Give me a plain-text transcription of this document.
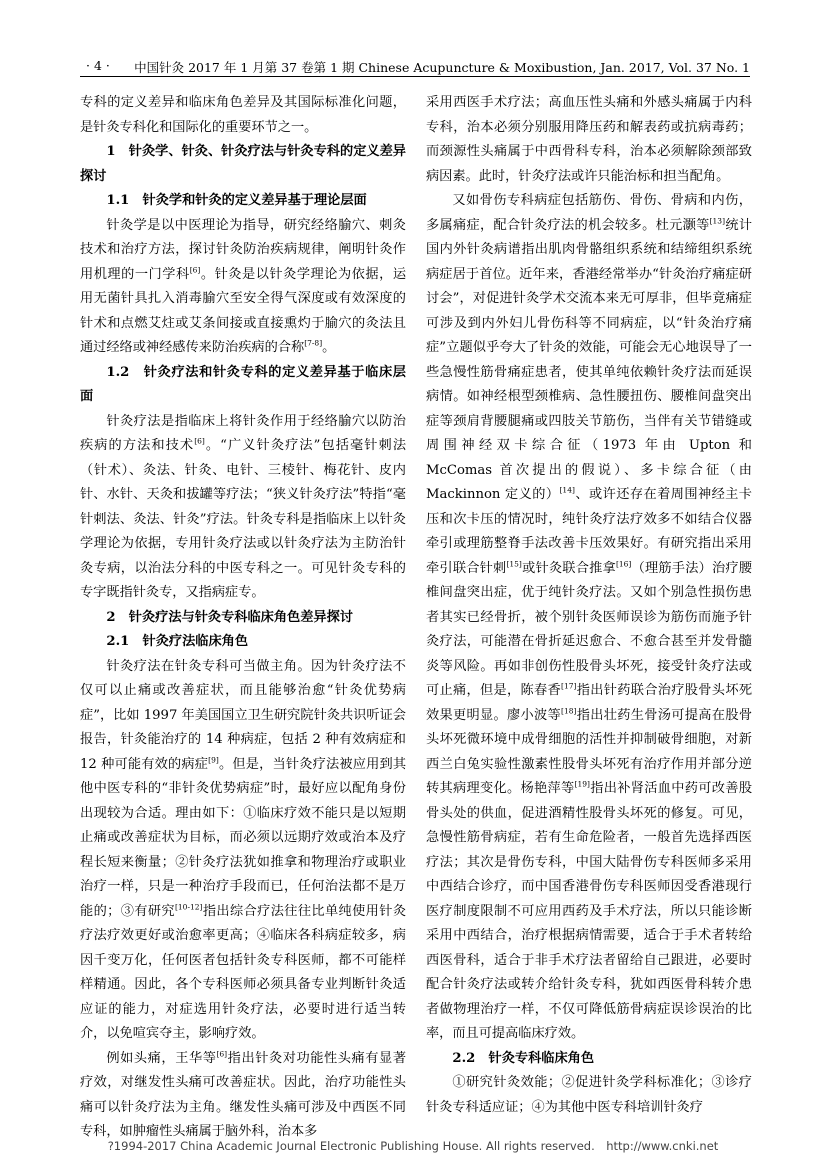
· 4 · 中国针灸 2017 年 1 月第 37 卷第 1 期 Chinese Acupuncture & Moxibustion, Jan. 2017, Vol. 37 No. 1

专科的定义差异和临床角色差异及其国际标准化问题，是针灸专科化和国际化的重要环节之一。

1　针灸学、针灸、针灸疗法与针灸专科的定义差异探讨

1.1　针灸学和针灸的定义差异基于理论层面

针灸学是以中医理论为指导，研究经络腧穴、刺灸技术和治疗方法，探讨针灸防治疾病规律，阐明针灸作用机理的一门学科[6]。针灸是以针灸学理论为依据，运用无菌针具扎入消毒腧穴至安全得气深度或有效深度的针术和点燃艾炷或艾条间接或直接熏灼于腧穴的灸法且通过经络或神经感传来防治疾病的合称[7-8]。

1.2　针灸疗法和针灸专科的定义差异基于临床层面

针灸疗法是指临床上将针灸作用于经络腧穴以防治疾病的方法和技术[6]。“广义针灸疗法”包括毫针刺法（针术）、灸法、针灸、电针、三棱针、梅花针、皮内针、水针、天灸和拔罐等疗法；“狭义针灸疗法”特指“毫针刺法、灸法、针灸”疗法。针灸专科是指临床上以针灸学理论为依据，专用针灸疗法或以针灸疗法为主防治针灸专病，以治法分科的中医专科之一。可见针灸专科的专字既指针灸专，又指病症专。

2　针灸疗法与针灸专科临床角色差异探讨

2.1　针灸疗法临床角色

针灸疗法在针灸专科可当做主角。因为针灸疗法不仅可以止痛或改善症状，而且能够治愈“针灸优势病症”，比如 1997 年美国国立卫生研究院针灸共识听证会报告，针灸能治疗的 14 种病症，包括 2 种有效病症和 12 种可能有效的病症[9]。但是，当针灸疗法被应用到其他中医专科的“非针灸优势病症”时，最好应以配角身份出现较为合适。理由如下：①临床疗效不能只是以短期止痛或改善症状为目标，而必须以远期疗效或治本及疗程长短来衡量；②针灸疗法犹如推拿和物理治疗或职业治疗一样，只是一种治疗手段而已，任何治法都不是万能的；③有研究[10-12]指出综合疗法往往比单纯使用针灸疗法疗效更好或治愈率更高；④临床各科病症较多，病因千变万化，任何医者包括针灸专科医师，都不可能样样精通。因此，各个专科医师必须具备专业判断针灸适应证的能力，对症选用针灸疗法，必要时进行适当转介，以免喧宾夺主，影响疗效。

例如头痛，王华等[6]指出针灸对功能性头痛有显著疗效，对继发性头痛可改善症状。因此，治疗功能性头痛可以针灸疗法为主角。继发性头痛可涉及中西医不同专科，如肿瘤性头痛属于脑外科，治本多

采用西医手术疗法；高血压性头痛和外感头痛属于内科专科，治本必须分别服用降压药和解表药或抗病毒药；而颈源性头痛属于中西骨科专科，治本必须解除颈部致病因素。此时，针灸疗法或许只能治标和担当配角。

又如骨伤专科病症包括筋伤、骨伤、骨病和内伤，多属痛症，配合针灸疗法的机会较多。杜元灏等[13]统计国内外针灸病谱指出肌肉骨骼组织系统和结缔组织系统病症居于首位。近年来，香港经常举办“针灸治疗痛症研讨会”，对促进针灸学术交流本来无可厚非，但毕竟痛症可涉及到内外妇儿骨伤科等不同病症，以“针灸治疗痛症”立题似乎夸大了针灸的效能，可能会无心地误导了一些急慢性筋骨痛症患者，使其单纯依赖针灸疗法而延误病情。如神经根型颈椎病、急性腰扭伤、腰椎间盘突出症等颈肩背腰腿痛或四肢关节筋伤，当伴有关节错缝或周围神经双卡综合征（1973 年由 Upton 和 McComas 首次提出的假说）、多卡综合征（由 Mackinnon 定义的）[14]、或许还存在着周围神经主卡压和次卡压的情况时，纯针灸疗法疗效多不如结合仪器牵引或理筋整脊手法改善卡压效果好。有研究指出采用牵引联合针刺[15]或针灸联合推拿[16]（理筋手法）治疗腰椎间盘突出症，优于纯针灸疗法。又如个别急性损伤患者其实已经骨折，被个别针灸医师误诊为筋伤而施予针灸疗法，可能潜在骨折延迟愈合、不愈合甚至并发骨髓炎等风险。再如非创伤性股骨头坏死，接受针灸疗法或可止痛，但是，陈春香[17]指出针药联合治疗股骨头坏死效果更明显。廖小波等[18]指出壮药生骨汤可提高在股骨头坏死微环境中成骨细胞的活性并抑制破骨细胞，对新西兰白兔实验性激素性股骨头坏死有治疗作用并部分逆转其病理变化。杨艳萍等[19]指出补肾活血中药可改善股骨头处的供血，促进酒精性股骨头坏死的修复。可见，急慢性筋骨病症，若有生命危险者，一般首先选择西医疗法；其次是骨伤专科，中国大陆骨伤专科医师多采用中西结合诊疗，而中国香港骨伤专科医师因受香港现行医疗制度限制不可应用西药及手术疗法，所以只能诊断采用中西结合，治疗根据病情需要，适合于手术者转给西医骨科，适合于非手术疗法者留给自己跟进，必要时配合针灸疗法或转介给针灸专科，犹如西医骨科转介患者做物理治疗一样，不仅可降低筋骨病症误诊误治的比率，而且可提高临床疗效。

2.2　针灸专科临床角色

①研究针灸效能；②促进针灸学科标准化；③诊疗针灸专科适应证；④为其他中医专科培训针灸疗

?1994-2017 China Academic Journal Electronic Publishing House. All rights reserved.　http://www.cnki.net
